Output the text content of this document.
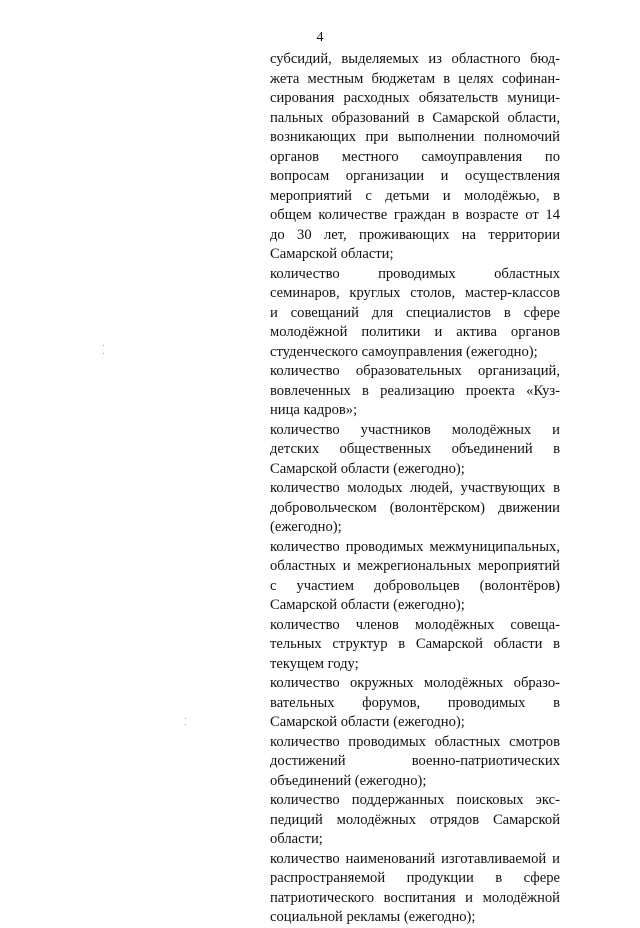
4
субсидий, выделяемых из областного бюд-
жета местным бюджетам в целях софинан-
сирования расходных обязательств муници-
пальных образований в Самарской области,
возникающих при выполнении полномочий
органов местного самоуправления по
вопросам организации и осуществления
мероприятий с детьми и молодёжью, в
общем количестве граждан в возрасте от 14
до 30 лет, проживающих на территории
Самарской области;
количество проводимых областных
семинаров, круглых столов, мастер-классов
и совещаний для специалистов в сфере
молодёжной политики и актива органов
студенческого самоуправления (ежегодно);
количество образовательных организаций,
вовлеченных в реализацию проекта «Куз-
ница кадров»;
количество участников молодёжных и
детских общественных объединений в
Самарской области (ежегодно);
количество молодых людей, участвующих в
добровольческом (волонтёрском) движении
(ежегодно);
количество проводимых межмуниципальных,
областных и межрегиональных мероприятий
с участием добровольцев (волонтёров)
Самарской области (ежегодно);
количество членов молодёжных совеща-
тельных структур в Самарской области в
текущем году;
количество окружных молодёжных образо-
вательных форумов, проводимых в
Самарской области (ежегодно);
количество проводимых областных смотров
достижений военно-патриотических
объединений (ежегодно);
количество поддержанных поисковых экс-
педиций молодёжных отрядов Самарской
области;
количество наименований изготавливаемой и
распространяемой продукции в сфере
патриотического воспитания и молодёжной
социальной рекламы (ежегодно);
